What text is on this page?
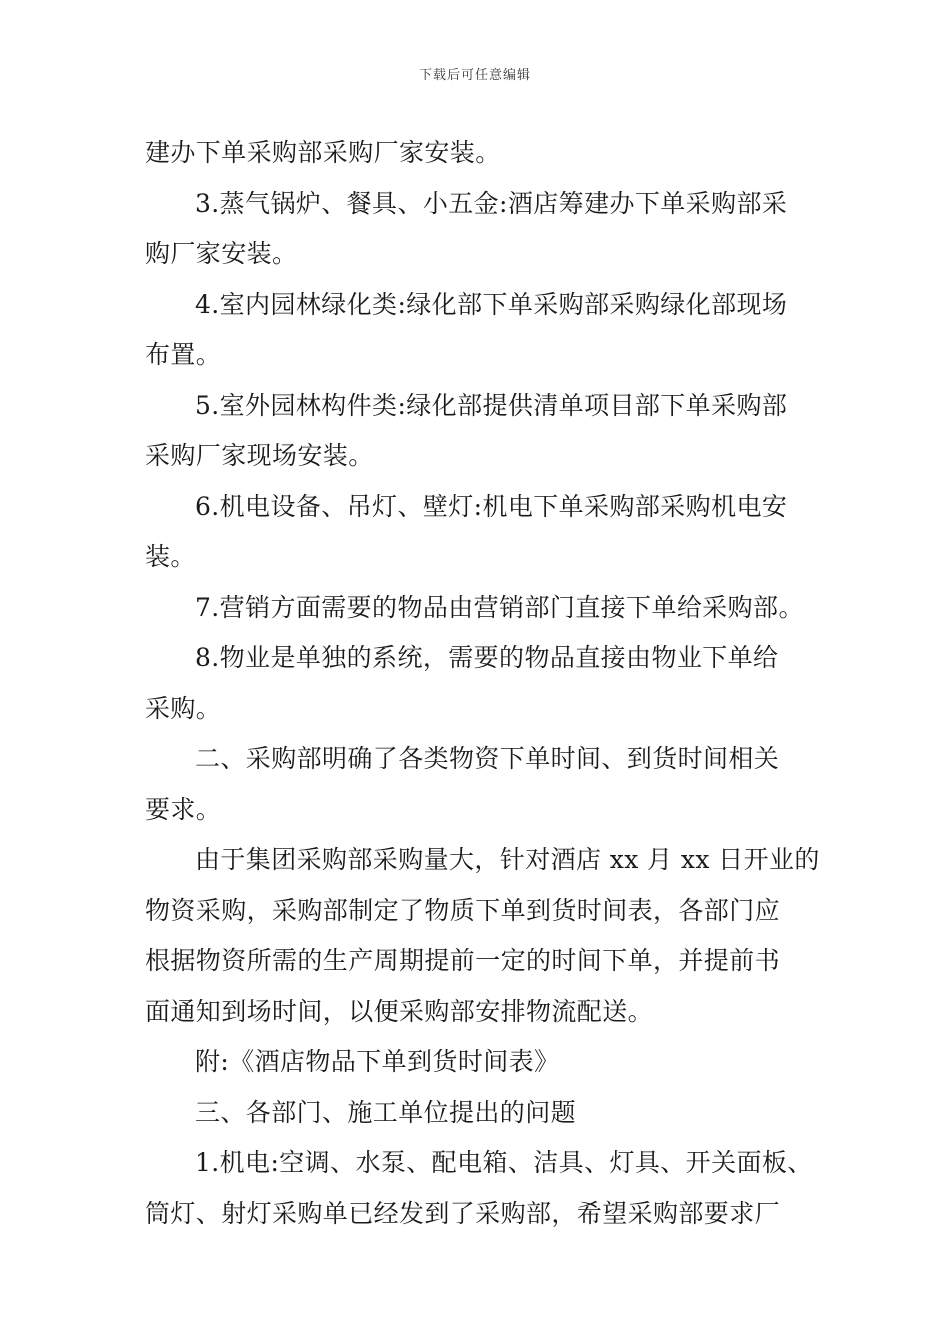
下载后可任意编辑
建办下单采购部采购厂家安装。
3.蒸气锅炉、餐具、小五金:酒店筹建办下单采购部采
购厂家安装。
4.室内园林绿化类:绿化部下单采购部采购绿化部现场
布置。
5.室外园林构件类:绿化部提供清单项目部下单采购部
采购厂家现场安装。
6.机电设备、吊灯、壁灯:机电下单采购部采购机电安
装。
7.营销方面需要的物品由营销部门直接下单给采购部。
8.物业是单独的系统，需要的物品直接由物业下单给
采购。
二、采购部明确了各类物资下单时间、到货时间相关
要求。
由于集团采购部采购量大，针对酒店 xx 月 xx 日开业的
物资采购，采购部制定了物质下单到货时间表，各部门应
根据物资所需的生产周期提前一定的时间下单，并提前书
面通知到场时间，以便采购部安排物流配送。
附:《酒店物品下单到货时间表》
三、各部门、施工单位提出的问题
1.机电:空调、水泵、配电箱、洁具、灯具、开关面板、
筒灯、射灯采购单已经发到了采购部，希望采购部要求厂
